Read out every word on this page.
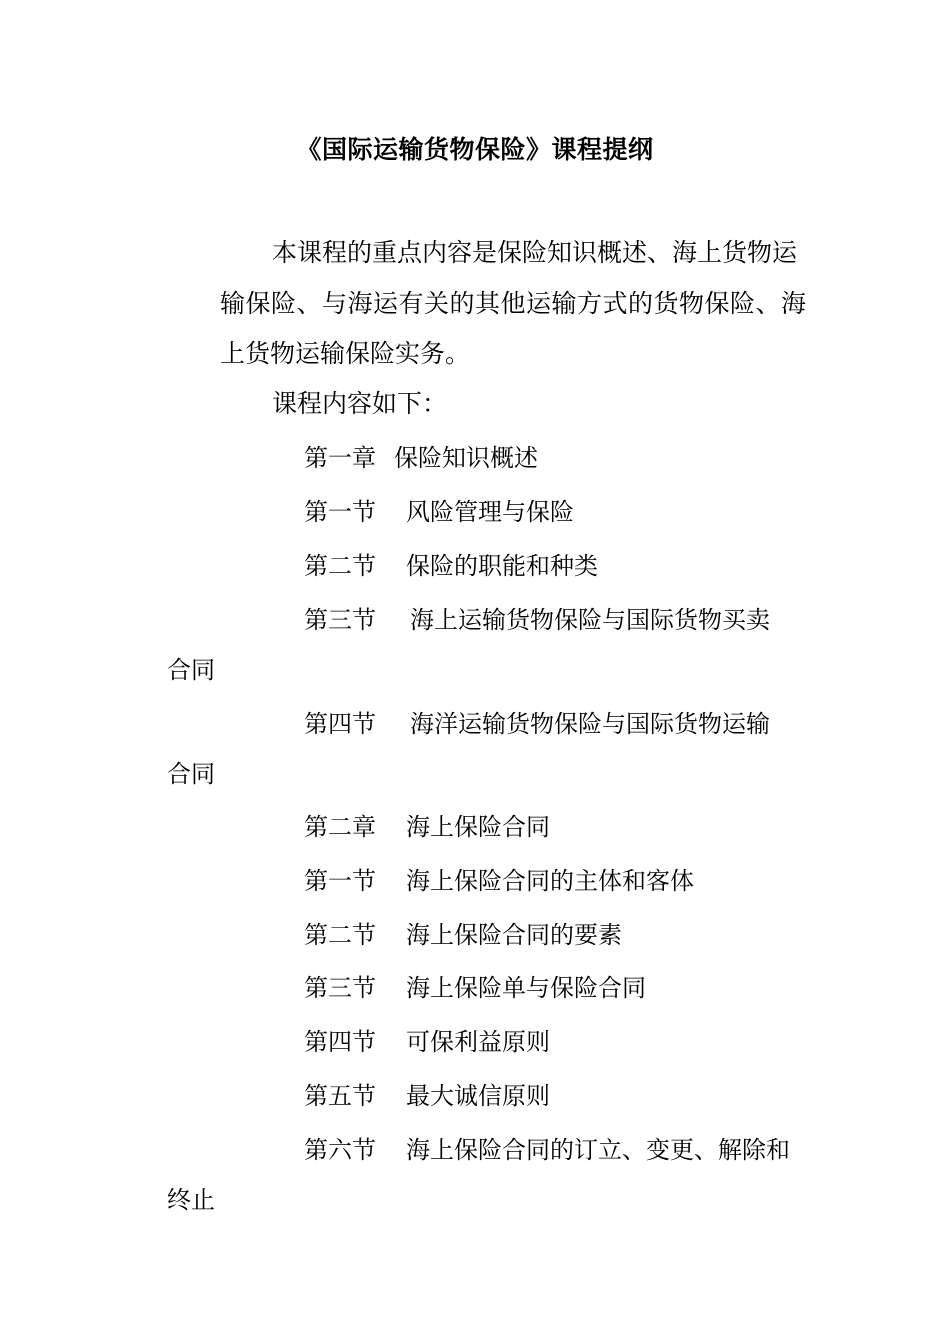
《国际运输货物保险》课程提纲
本课程的重点内容是保险知识概述、海上货物运
输保险、与海运有关的其他运输方式的货物保险、海
上货物运输保险实务。
课程内容如下：
第一章 保险知识概述
第一节 风险管理与保险
第二节 保险的职能和种类
第三节 海上运输货物保险与国际货物买卖
合同
第四节 海洋运输货物保险与国际货物运输
合同
第二章 海上保险合同
第一节 海上保险合同的主体和客体
第二节 海上保险合同的要素
第三节 海上保险单与保险合同
第四节 可保利益原则
第五节 最大诚信原则
第六节 海上保险合同的订立、变更、解除和
终止
